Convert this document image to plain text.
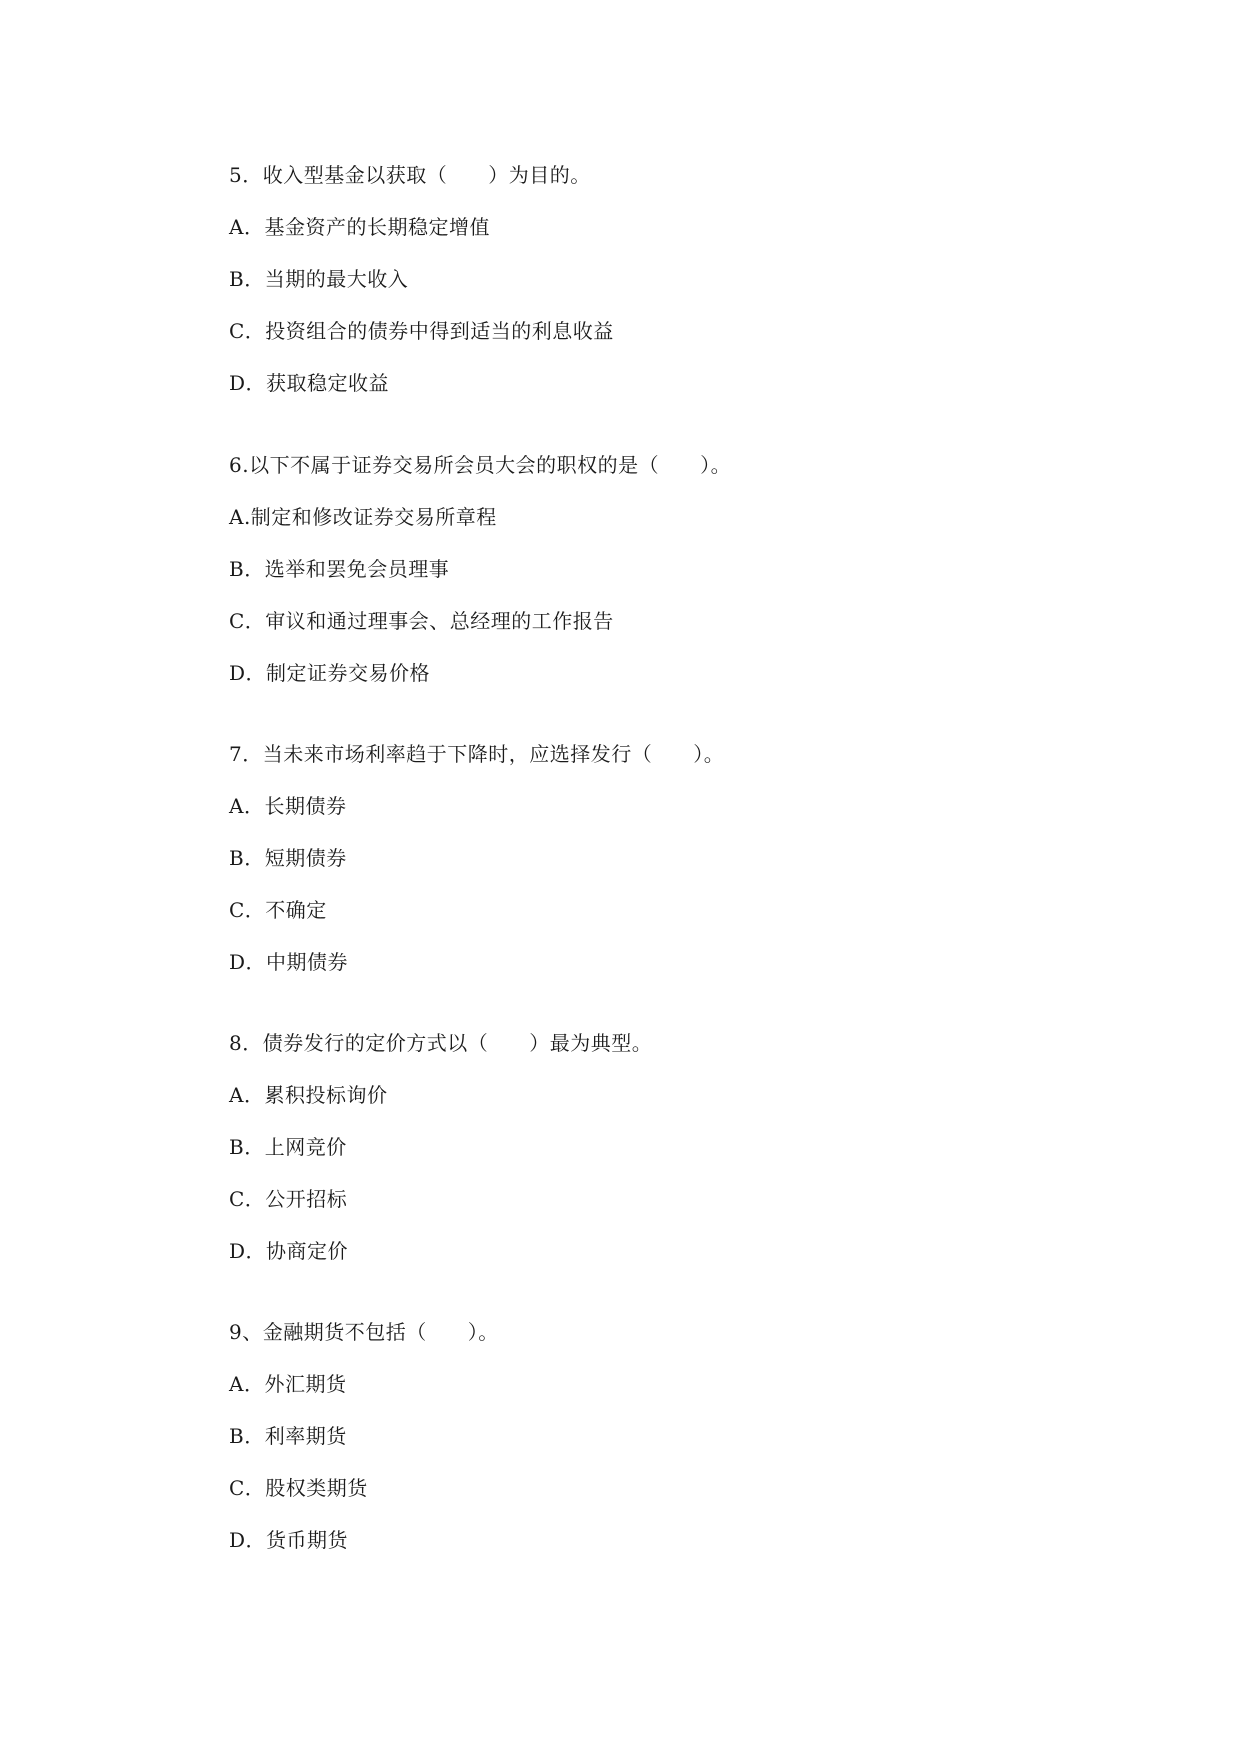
5．收入型基金以获取（　　）为目的。

A．基金资产的长期稳定增值

B．当期的最大收入

C．投资组合的债券中得到适当的利息收益

D．获取稳定收益

6.以下不属于证券交易所会员大会的职权的是（　　）。

A.制定和修改证券交易所章程

B．选举和罢免会员理事

C．审议和通过理事会、总经理的工作报告

D．制定证券交易价格

7．当未来市场利率趋于下降时，应选择发行（　　）。

A．长期债券

B．短期债券

C．不确定

D．中期债券

8．债券发行的定价方式以（　　）最为典型。

A．累积投标询价

B．上网竞价

C．公开招标

D．协商定价

9、金融期货不包括（　　）。

A．外汇期货

B．利率期货

C．股权类期货

D．货币期货
